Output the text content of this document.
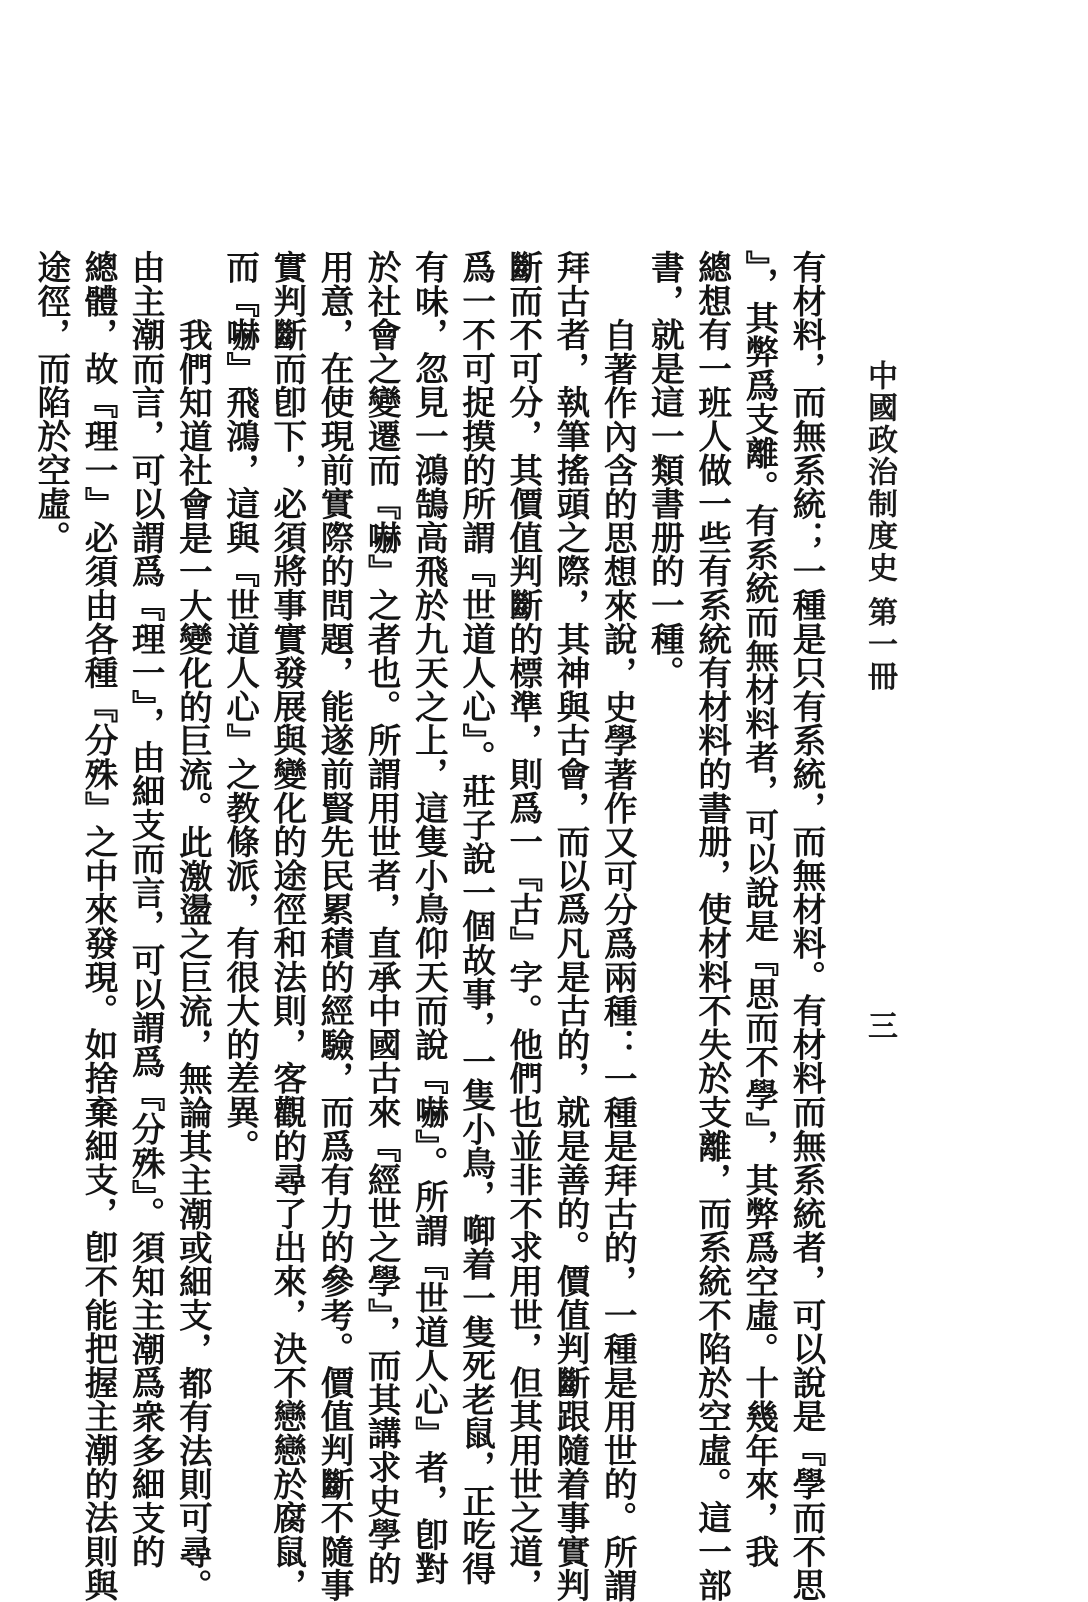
中國政治制度史 第一冊
三
有材料，而無系統；一種是只有系統，而無材料。有材料而無系統者，可以說是『學而不思
』，其弊爲支離。有系統而無材料者，可以說是『思而不學』，其弊爲空虛。十幾年來，我
總想有一班人做一些有系統有材料的書册，使材料不失於支離，而系統不陷於空虛。這一部
書，就是這一類書册的一種。
自著作內含的思想來說，史學著作又可分爲兩種：一種是拜古的，一種是用世的。所謂
拜古者，執筆搖頭之際，其神與古會，而以爲凡是古的，就是善的。價值判斷跟隨着事實判
斷而不可分，其價值判斷的標準，則爲一『古』字。他們也並非不求用世，但其用世之道，
爲一不可捉摸的所謂『世道人心』。莊子說一個故事，一隻小鳥，啣着一隻死老鼠，正吃得
有味，忽見一鴻鵠高飛於九天之上，這隻小鳥仰天而說『嚇』。所謂『世道人心』者，卽對
於社會之變遷而『嚇』之者也。所謂用世者，直承中國古來『經世之學』，而其講求史學的
用意，在使現前實際的問題，能遂前賢先民累積的經驗，而爲有力的參考。價值判斷不隨事
實判斷而卽下，必須將事實發展與變化的途徑和法則，客觀的尋了出來，決不戀戀於腐鼠，
而『嚇』飛鴻，這與『世道人心』之教條派，有很大的差異。
我們知道社會是一大變化的巨流。此激盪之巨流，無論其主潮或細支，都有法則可尋。
由主潮而言，可以謂爲『理一』，由細支而言，可以謂爲『分殊』。須知主潮爲衆多細支的
總體，故『理一』必須由各種『分殊』之中來發現。如捨棄細支，卽不能把握主潮的法則與
途徑，而陷於空虛。
